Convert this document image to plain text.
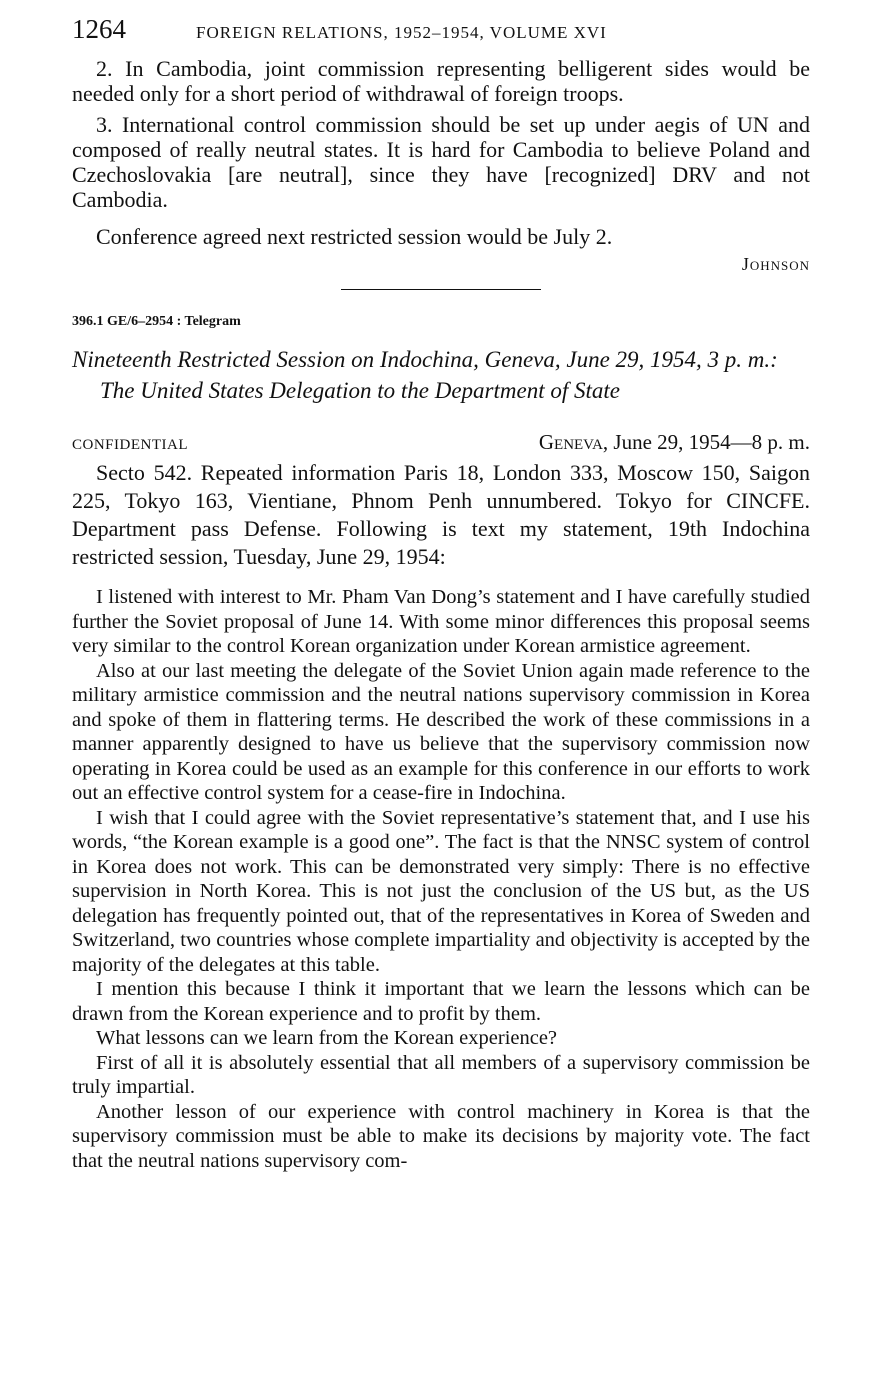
1264	FOREIGN RELATIONS, 1952–1954, VOLUME XVI

2. In Cambodia, joint commission representing belligerent sides would be needed only for a short period of withdrawal of foreign troops.

3. International control commission should be set up under aegis of UN and composed of really neutral states. It is hard for Cambodia to believe Poland and Czechoslovakia [are neutral], since they have [recognized] DRV and not Cambodia.

Conference agreed next restricted session would be July 2.

Johnson

396.1 GE/6–2954 : Telegram

Nineteenth Restricted Session on Indochina, Geneva, June 29, 1954, 3 p. m.: The United States Delegation to the Department of State

CONFIDENTIAL	Geneva, June 29, 1954—8 p. m.

Secto 542. Repeated information Paris 18, London 333, Moscow 150, Saigon 225, Tokyo 163, Vientiane, Phnom Penh unnumbered. Tokyo for CINCFE. Department pass Defense. Following is text my statement, 19th Indochina restricted session, Tuesday, June 29, 1954:

I listened with interest to Mr. Pham Van Dong’s statement and I have carefully studied further the Soviet proposal of June 14. With some minor differences this proposal seems very similar to the control Korean organization under Korean armistice agreement.

Also at our last meeting the delegate of the Soviet Union again made reference to the military armistice commission and the neutral nations supervisory commission in Korea and spoke of them in flattering terms. He described the work of these commissions in a manner apparently designed to have us believe that the supervisory commission now operating in Korea could be used as an example for this conference in our efforts to work out an effective control system for a cease-fire in Indochina.

I wish that I could agree with the Soviet representative’s statement that, and I use his words, “the Korean example is a good one”. The fact is that the NNSC system of control in Korea does not work. This can be demonstrated very simply: There is no effective supervision in North Korea. This is not just the conclusion of the US but, as the US delegation has frequently pointed out, that of the representatives in Korea of Sweden and Switzerland, two countries whose complete impartiality and objectivity is accepted by the majority of the delegates at this table.

I mention this because I think it important that we learn the lessons which can be drawn from the Korean experience and to profit by them.

What lessons can we learn from the Korean experience?

First of all it is absolutely essential that all members of a supervisory commission be truly impartial.

Another lesson of our experience with control machinery in Korea is that the supervisory commission must be able to make its decisions by majority vote. The fact that the neutral nations supervisory com-
